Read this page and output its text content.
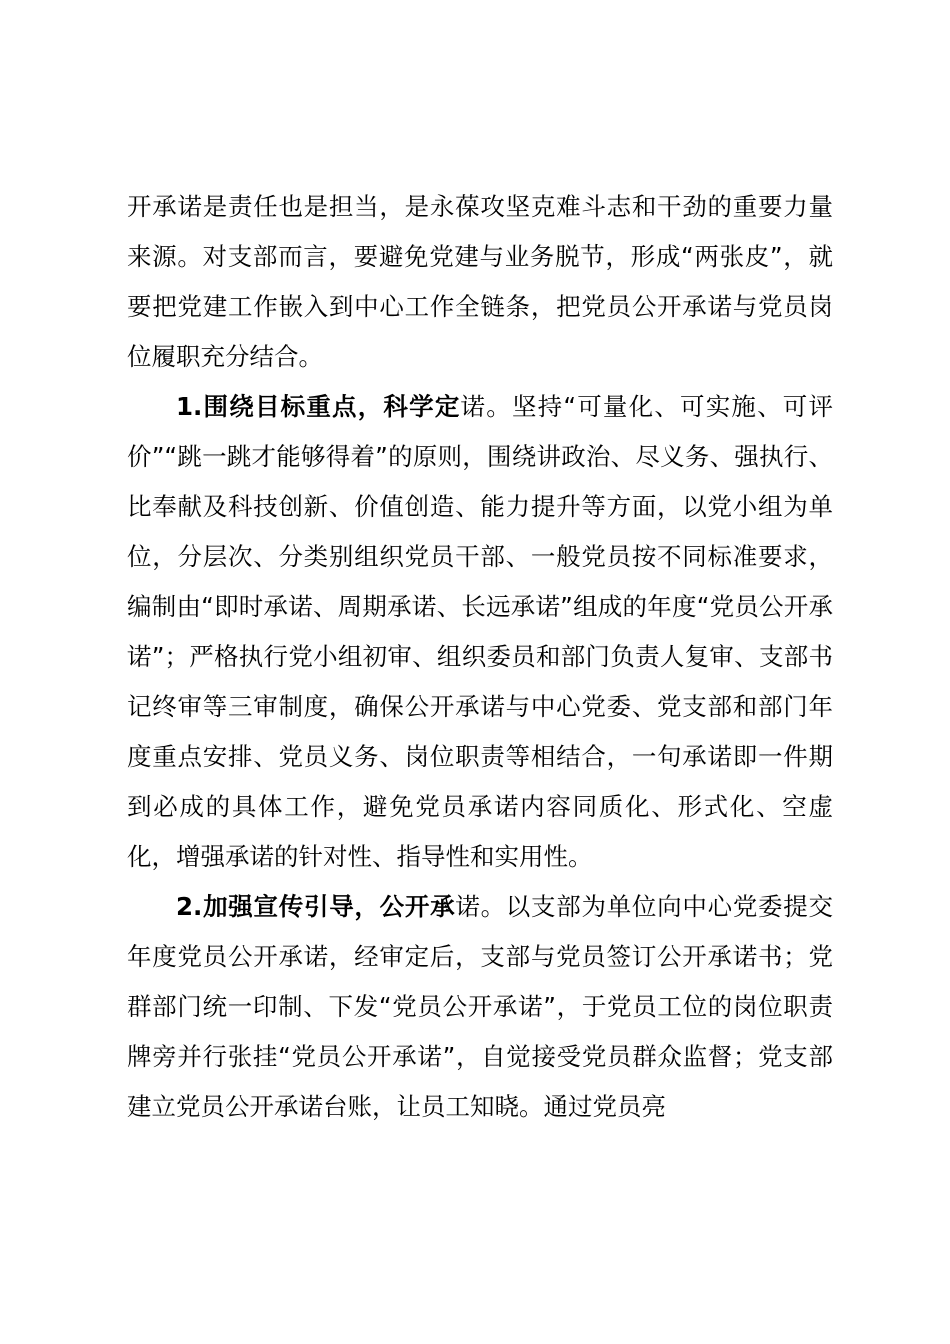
开承诺是责任也是担当，是永葆攻坚克难斗志和干劲的重要力量来源。对支部而言，要避免党建与业务脱节，形成“两张皮”，就要把党建工作嵌入到中心工作全链条，把党员公开承诺与党员岗位履职充分结合。

1.围绕目标重点，科学定诺。坚持“可量化、可实施、可评价”“跳一跳才能够得着”的原则，围绕讲政治、尽义务、强执行、比奉献及科技创新、价值创造、能力提升等方面，以党小组为单位，分层次、分类别组织党员干部、一般党员按不同标准要求，编制由“即时承诺、周期承诺、长远承诺”组成的年度“党员公开承诺”；严格执行党小组初审、组织委员和部门负责人复审、支部书记终审等三审制度，确保公开承诺与中心党委、党支部和部门年度重点安排、党员义务、岗位职责等相结合，一句承诺即一件期到必成的具体工作，避免党员承诺内容同质化、形式化、空虚化，增强承诺的针对性、指导性和实用性。

2.加强宣传引导，公开承诺。以支部为单位向中心党委提交年度党员公开承诺，经审定后，支部与党员签订公开承诺书；党群部门统一印制、下发“党员公开承诺”，于党员工位的岗位职责牌旁并行张挂“党员公开承诺”，自觉接受党员群众监督；党支部建立党员公开承诺台账，让员工知晓。通过党员亮
